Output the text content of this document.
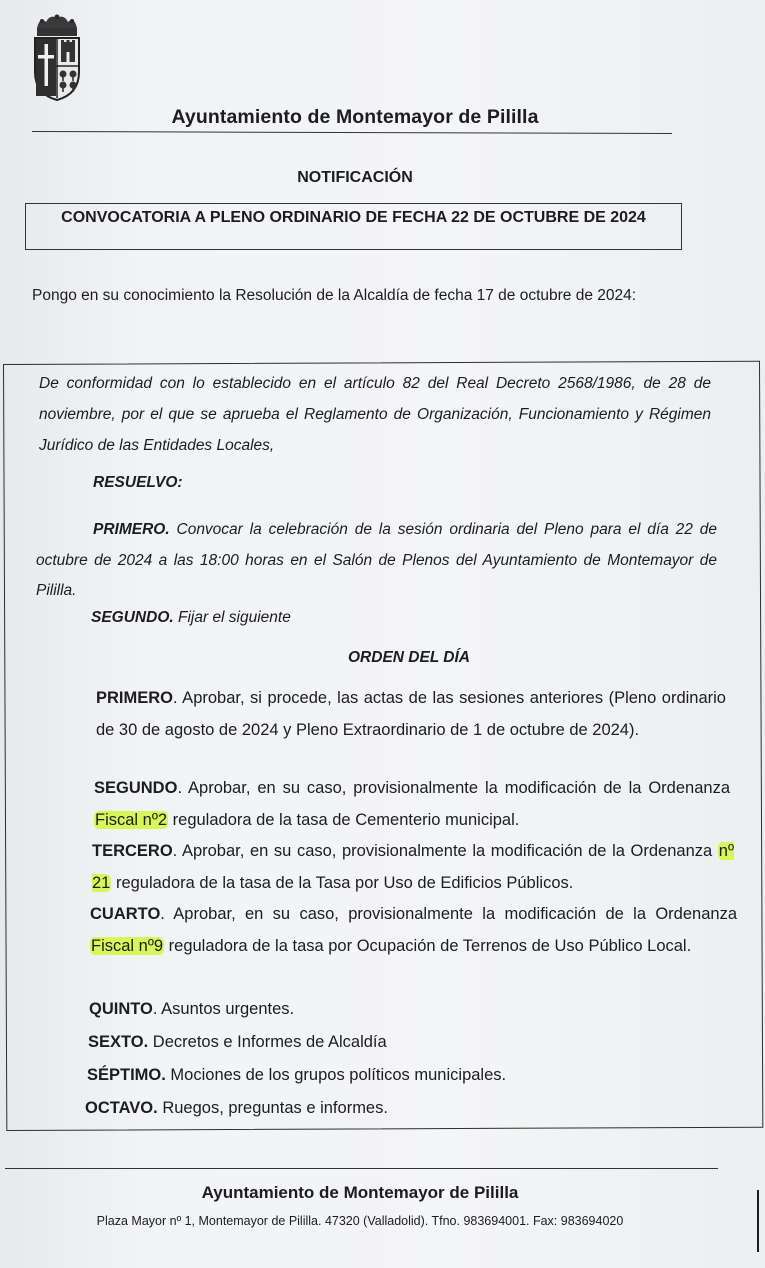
Ayuntamiento de Montemayor de Pililla
NOTIFICACIÓN
CONVOCATORIA A PLENO ORDINARIO DE FECHA 22 DE OCTUBRE DE 2024
Pongo en su conocimiento la Resolución de la Alcaldía de fecha 17 de octubre de 2024:
De conformidad con lo establecido en el artículo 82 del Real Decreto 2568/1986, de 28 de noviembre, por el que se aprueba el Reglamento de Organización, Funcionamiento y Régimen Jurídico de las Entidades Locales,
RESUELVO:
PRIMERO. Convocar la celebración de la sesión ordinaria del Pleno para el día 22 de octubre de 2024 a las 18:00 horas en el Salón de Plenos del Ayuntamiento de Montemayor de Pililla.
SEGUNDO. Fijar el siguiente
ORDEN DEL DÍA
PRIMERO. Aprobar, si procede, las actas de las sesiones anteriores (Pleno ordinario de 30 de agosto de 2024 y Pleno Extraordinario de 1 de octubre de 2024).
SEGUNDO. Aprobar, en su caso, provisionalmente la modificación de la Ordenanza Fiscal nº2 reguladora de la tasa de Cementerio municipal.
TERCERO. Aprobar, en su caso, provisionalmente la modificación de la Ordenanza nº 21 reguladora de la tasa de la Tasa por Uso de Edificios Públicos.
CUARTO. Aprobar, en su caso, provisionalmente la modificación de la Ordenanza Fiscal nº9 reguladora de la tasa por Ocupación de Terrenos de Uso Público Local.
QUINTO. Asuntos urgentes.
SEXTO. Decretos e Informes de Alcaldía
SÉPTIMO. Mociones de los grupos políticos municipales.
OCTAVO. Ruegos, preguntas e informes.
Ayuntamiento de Montemayor de Pililla
Plaza Mayor nº 1, Montemayor de Pililla. 47320 (Valladolid). Tfno. 983694001. Fax: 983694020
